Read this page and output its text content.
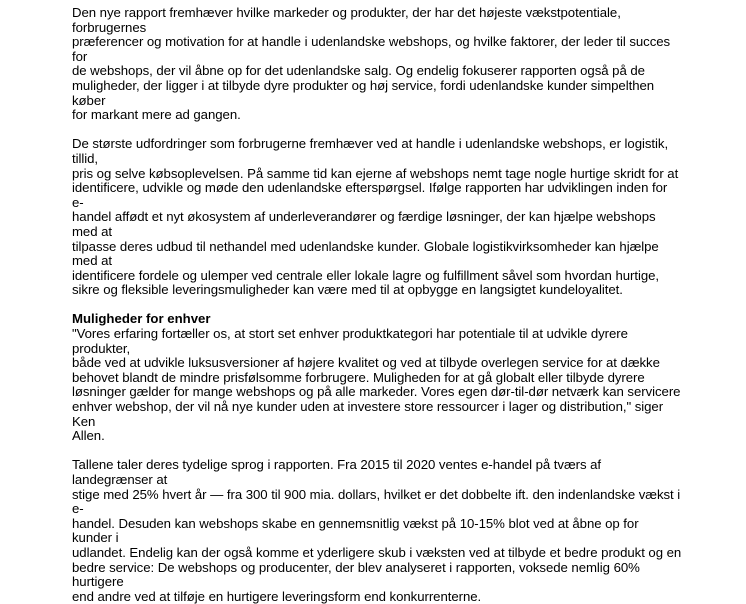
Den nye rapport fremhæver hvilke markeder og produkter, der har det højeste vækstpotentiale, forbrugernes
præferencer og motivation for at handle i udenlandske webshops, og hvilke faktorer, der leder til succes for
de webshops, der vil åbne op for det udenlandske salg. Og endelig fokuserer rapporten også på de
muligheder, der ligger i at tilbyde dyre produkter og høj service, fordi udenlandske kunder simpelthen køber
for markant mere ad gangen.

De største udfordringer som forbrugerne fremhæver ved at handle i udenlandske webshops, er logistik, tillid,
pris og selve købsoplevelsen. På samme tid kan ejerne af webshops nemt tage nogle hurtige skridt for at
identificere, udvikle og møde den udenlandske efterspørgsel. Ifølge rapporten har udviklingen inden for e-
handel affødt et nyt økosystem af underleverandører og færdige løsninger, der kan hjælpe webshops med at
tilpasse deres udbud til nethandel med udenlandske kunder. Globale logistikvirksomheder kan hjælpe med at
identificere fordele og ulemper ved centrale eller lokale lagre og fulfillment såvel som hvordan hurtige,
sikre og fleksible leveringsmuligheder kan være med til at opbygge en langsigtet kundeloyalitet.

Muligheder for enhver

"Vores erfaring fortæller os, at stort set enhver produktkategori har potentiale til at udvikle dyrere produkter,
både ved at udvikle luksusversioner af højere kvalitet og ved at tilbyde overlegen service for at dække
behovet blandt de mindre prisfølsomme forbrugere. Muligheden for at gå globalt eller tilbyde dyrere
løsninger gælder for mange webshops og på alle markeder. Vores egen dør-til-dør netværk kan servicere
enhver webshop, der vil nå nye kunder uden at investere store ressourcer i lager og distribution," siger Ken
Allen.

Tallene taler deres tydelige sprog i rapporten. Fra 2015 til 2020 ventes e-handel på tværs af landegrænser at
stige med 25% hvert år — fra 300 til 900 mia. dollars, hvilket er det dobbelte ift. den indenlandske vækst i e-
handel. Desuden kan webshops skabe en gennemsnitlig vækst på 10-15% blot ved at åbne op for kunder i
udlandet. Endelig kan der også komme et yderligere skub i væksten ved at tilbyde et bedre produkt og en
bedre service: De webshops og producenter, der blev analyseret i rapporten, voksede nemlig 60% hurtigere
end andre ved at tilføje en hurtigere leveringsform end konkurrenterne.
